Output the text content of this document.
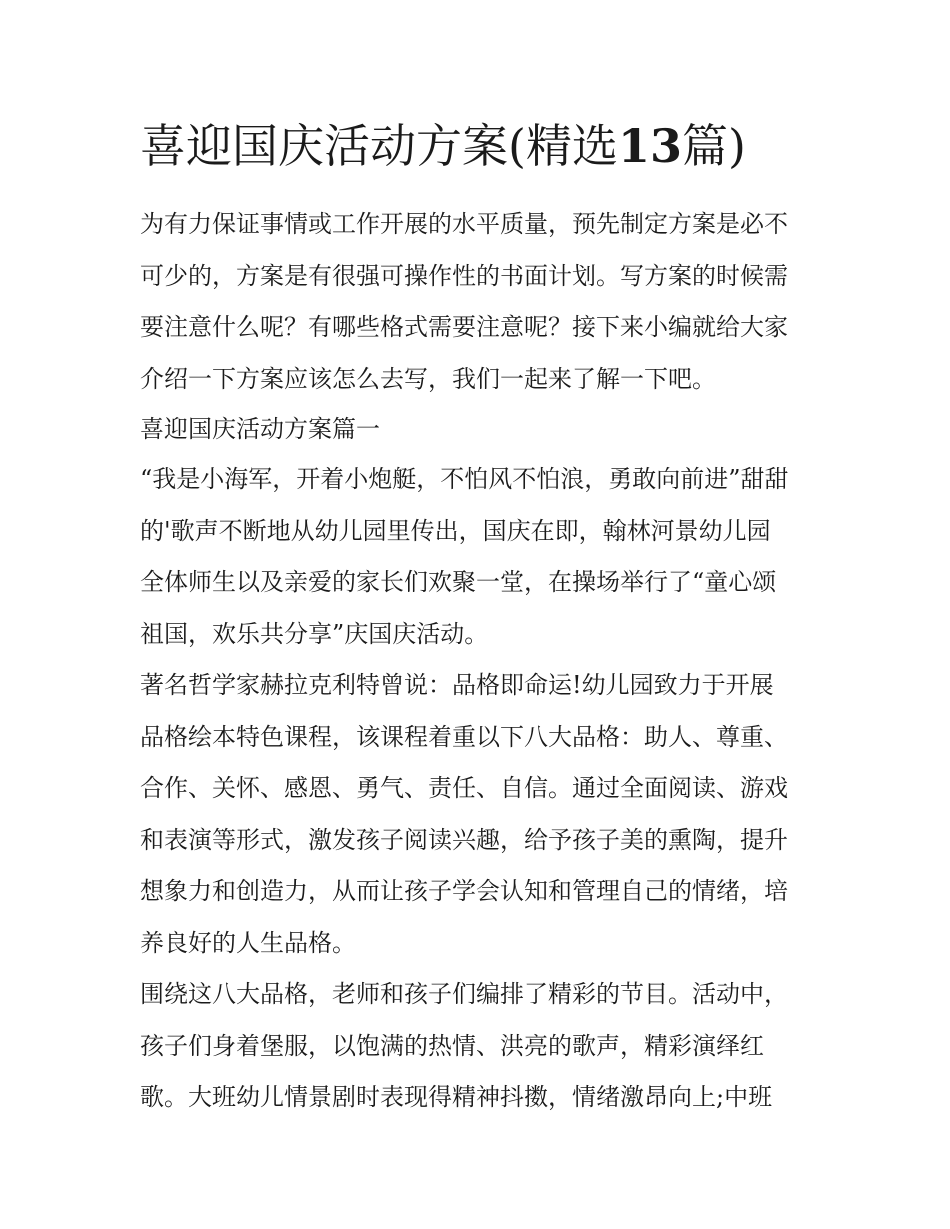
喜迎国庆活动方案(精选13篇)
为有力保证事情或工作开展的水平质量，预先制定方案是必不
可少的，方案是有很强可操作性的书面计划。写方案的时候需
要注意什么呢？有哪些格式需要注意呢？接下来小编就给大家
介绍一下方案应该怎么去写，我们一起来了解一下吧。
喜迎国庆活动方案篇一
“我是小海军，开着小炮艇，不怕风不怕浪，勇敢向前进”甜甜
的'歌声不断地从幼儿园里传出，国庆在即，翰林河景幼儿园
全体师生以及亲爱的家长们欢聚一堂，在操场举行了“童心颂
祖国，欢乐共分享”庆国庆活动。
著名哲学家赫拉克利特曾说：品格即命运!幼儿园致力于开展
品格绘本特色课程，该课程着重以下八大品格：助人、尊重、
合作、关怀、感恩、勇气、责任、自信。通过全面阅读、游戏
和表演等形式，激发孩子阅读兴趣，给予孩子美的熏陶，提升
想象力和创造力，从而让孩子学会认知和管理自己的情绪，培
养良好的人生品格。
围绕这八大品格，老师和孩子们编排了精彩的节目。活动中，
孩子们身着堡服，以饱满的热情、洪亮的歌声，精彩演绎红
歌。大班幼儿情景剧时表现得精神抖擞，情绪激昂向上;中班
